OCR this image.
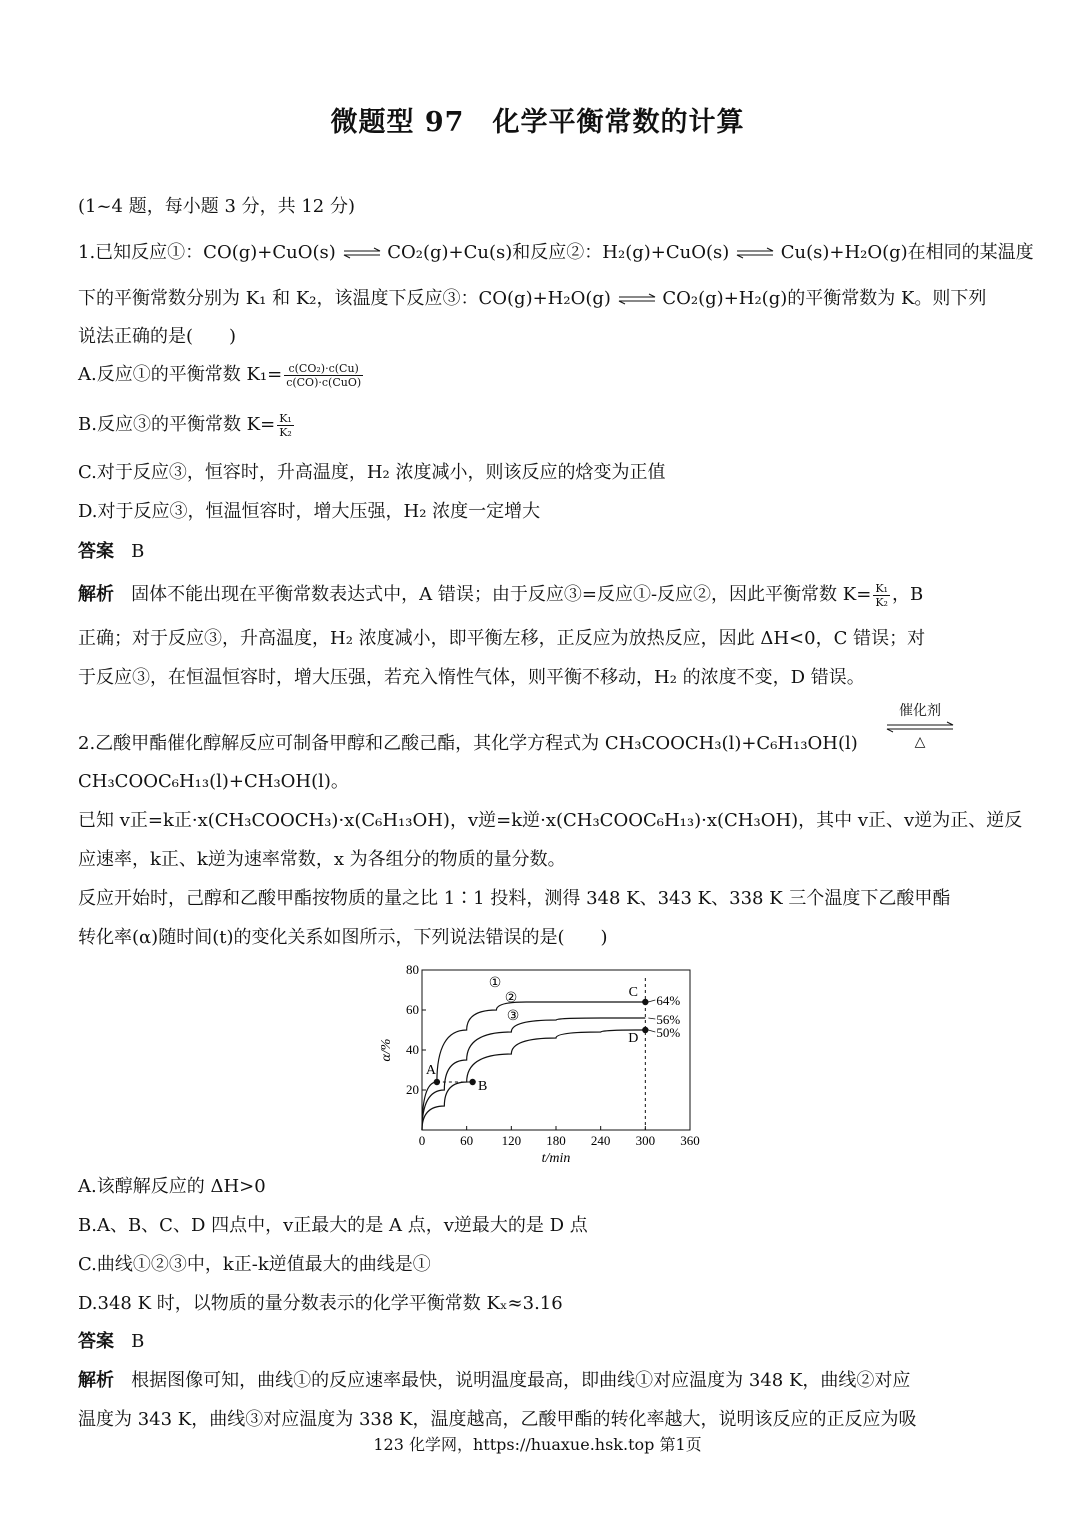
微题型 97　化学平衡常数的计算
(1~4 题，每小题 3 分，共 12 分)
1.已知反应①：CO(g)+CuO(s) ⇌ CO₂(g)+Cu(s)和反应②：H₂(g)+CuO(s) ⇌ Cu(s)+H₂O(g)在相同的某温度
下的平衡常数分别为 K₁ 和 K₂，该温度下反应③：CO(g)+H₂O(g) ⇌ CO₂(g)+H₂(g)的平衡常数为 K。则下列
说法正确的是(　　)
A.反应①的平衡常数 $K_1= \frac{\text{c(CO₂)·c(Cu)}}{\text{c(CO)·c(CuO)}}$
B.反应③的平衡常数 $K= \frac{\text{K₁}}{\text{K₂}}$
C.对于反应③，恒容时，升高温度，H₂ 浓度减小，则该反应的焓变为正值
D.对于反应③，恒温恒容时，增大压强，H₂ 浓度一定增大
答案 B
解析 固体不能出现在平衡常数表达式中，A 错误；由于反应③=反应①-反应②，因此平衡常数 $K= \frac{\text{K₁}}{\text{K₂}}$ ，B
正确；对于反应③，升高温度，H₂ 浓度减小，即平衡左移，正反应为放热反应，因此 ΔH<0，C 错误；对
于反应③，在恒温恒容时，增大压强，若充入惰性气体，则平衡不移动，H₂ 的浓度不变，D 错误。
催化剂
△
2.乙酸甲酯催化醇解反应可制备甲醇和乙酸己酯，其化学方程式为 CH₃COOCH₃(l)+C₆H₁₃OH(l)
CH₃COOC₆H₁₃(l)+CH₃OH(l)。
已知 v正=k正·x(CH₃COOCH₃)·x(C₆H₁₃OH)，v逆=k逆·x(CH₃COOC₆H₁₃)·x(CH₃OH)，其中 v正、v逆为正、逆反
应速率，k正、k逆为速率常数，x 为各组分的物质的量分数。
反应开始时，己醇和乙酸甲酯按物质的量之比 1∶1 投料，测得 348 K、343 K、338 K 三个温度下乙酸甲酯
转化率(α)随时间(t)的变化关系如图所示，下列说法错误的是(　　)
0	60 120 180 240 300 360
20
40
60
80
t/min
α/%
①
②
③
A
B
C
D
64%
56%
50%
A.该醇解反应的 ΔH>0
B.A、B、C、D 四点中，v正最大的是 A 点，v逆最大的是 D 点
C.曲线①②③中，k正-k逆值最大的曲线是①
D.348 K 时，以物质的量分数表示的化学平衡常数 Kₓ≈3.16
答案 B
解析 根据图像可知，曲线①的反应速率最快，说明温度最高，即曲线①对应温度为 348 K，曲线②对应
温度为 343 K，曲线③对应温度为 338 K，温度越高，乙酸甲酯的转化率越大，说明该反应的正反应为吸
123 化学网，https://huaxue.hsk.top 第1页
